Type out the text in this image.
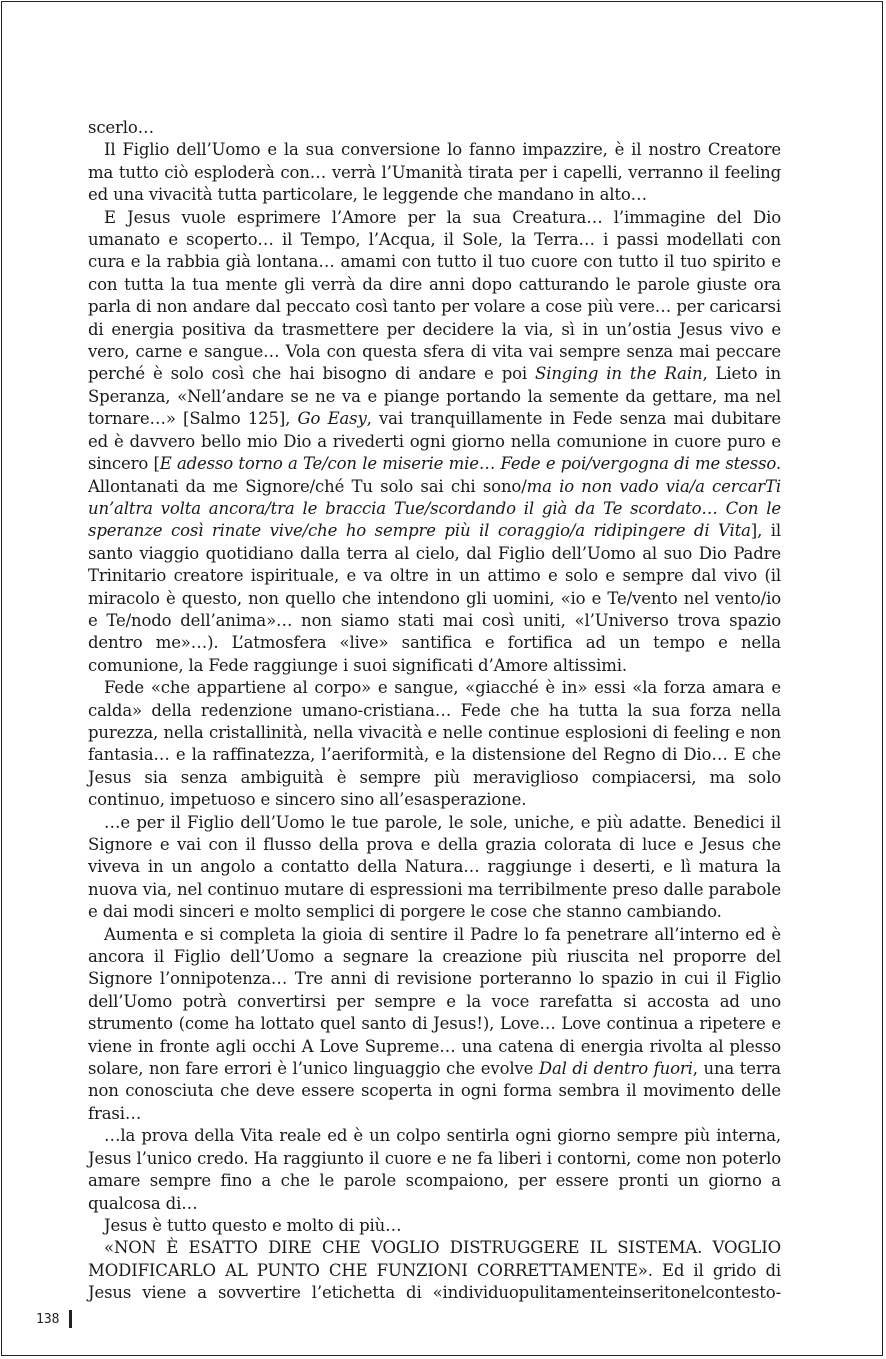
scerlo…

Il Figlio dell’Uomo e la sua conversione lo fanno impazzire, è il nostro Creatore ma tutto ciò esploderà con… verrà l’Umanità tirata per i capelli, verranno il feeling ed una vivacità tutta particolare, le leggende che mandano in alto…

E Jesus vuole esprimere l’Amore per la sua Creatura… l’immagine del Dio umanato e scoperto… il Tempo, l’Acqua, il Sole, la Terra… i passi modellati con cura e la rabbia già lontana… amami con tutto il tuo cuore con tutto il tuo spirito e con tutta la tua mente gli verrà da dire anni dopo catturando le parole giuste ora parla di non andare dal peccato così tanto per volare a cose più vere… per caricarsi di energia positiva da trasmettere per decidere la via, sì in un’ostia Jesus vivo e vero, carne e sangue… Vola con questa sfera di vita vai sempre senza mai peccare perché è solo così che hai bisogno di andare e poi Singing in the Rain, Lieto in Speranza, «Nell’andare se ne va e piange portando la semente da gettare, ma nel tornare…» [Salmo 125], Go Easy, vai tranquillamente in Fede senza mai dubitare ed è davvero bello mio Dio a rivederti ogni giorno nella comunione in cuore puro e sincero [E adesso torno a Te/con le miserie mie… Fede e poi/vergogna di me stesso. Allontanati da me Signore/ché Tu solo sai chi sono/ma io non vado via/a cercarTi un’altra volta ancora/tra le braccia Tue/scordando il già da Te scordato… Con le speranze così rinate vive/che ho sempre più il coraggio/a ridipingere di Vita], il santo viaggio quotidiano dalla terra al cielo, dal Figlio dell’Uomo al suo Dio Padre Trinitario creatore ispirituale, e va oltre in un attimo e solo e sempre dal vivo (il miracolo è questo, non quello che intendono gli uomini, «io e Te/vento nel vento/io e Te/nodo dell’anima»… non siamo stati mai così uniti, «l’Universo trova spazio dentro me»…). L’atmosfera «live» santifica e fortifica ad un tempo e nella comunione, la Fede raggiunge i suoi significati d’Amore altissimi.

Fede «che appartiene al corpo» e sangue, «giacché è in» essi «la forza amara e calda» della redenzione umano-cristiana… Fede che ha tutta la sua forza nella purezza, nella cristallinità, nella vivacità e nelle continue esplosioni di feeling e non fantasia… e la raffinatezza, l’aeriformità, e la distensione del Regno di Dio… E che Jesus sia senza ambiguità è sempre più meraviglioso compiacersi, ma solo continuo, impetuoso e sincero sino all’esasperazione.

…e per il Figlio dell’Uomo le tue parole, le sole, uniche, e più adatte. Benedici il Signore e vai con il flusso della prova e della grazia colorata di luce e Jesus che viveva in un angolo a contatto della Natura… raggiunge i deserti, e lì matura la nuova via, nel continuo mutare di espressioni ma terribilmente preso dalle parabole e dai modi sinceri e molto semplici di porgere le cose che stanno cambiando.

Aumenta e si completa la gioia di sentire il Padre lo fa penetrare all’interno ed è ancora il Figlio dell’Uomo a segnare la creazione più riuscita nel proporre del Signore l’onnipotenza… Tre anni di revisione porteranno lo spazio in cui il Figlio dell’Uomo potrà convertirsi per sempre e la voce rarefatta si accosta ad uno strumento (come ha lottato quel santo di Jesus!), Love… Love continua a ripetere e viene in fronte agli occhi A Love Supreme… una catena di energia rivolta al plesso solare, non fare errori è l’unico linguaggio che evolve Dal di dentro fuori, una terra non conosciuta che deve essere scoperta in ogni forma sembra il movimento delle frasi…

…la prova della Vita reale ed è un colpo sentirla ogni giorno sempre più interna, Jesus l’unico credo. Ha raggiunto il cuore e ne fa liberi i contorni, come non poterlo amare sempre fino a che le parole scompaiono, per essere pronti un giorno a qualcosa di…

Jesus è tutto questo e molto di più…

«NON È ESATTO DIRE CHE VOGLIO DISTRUGGERE IL SISTEMA. VOGLIO MODIFICARLO AL PUNTO CHE FUNZIONI CORRETTAMENTE». Ed il grido di Jesus viene a sovvertire l’etichetta di «individuopulitamenteinseritonelcontesto-

138
